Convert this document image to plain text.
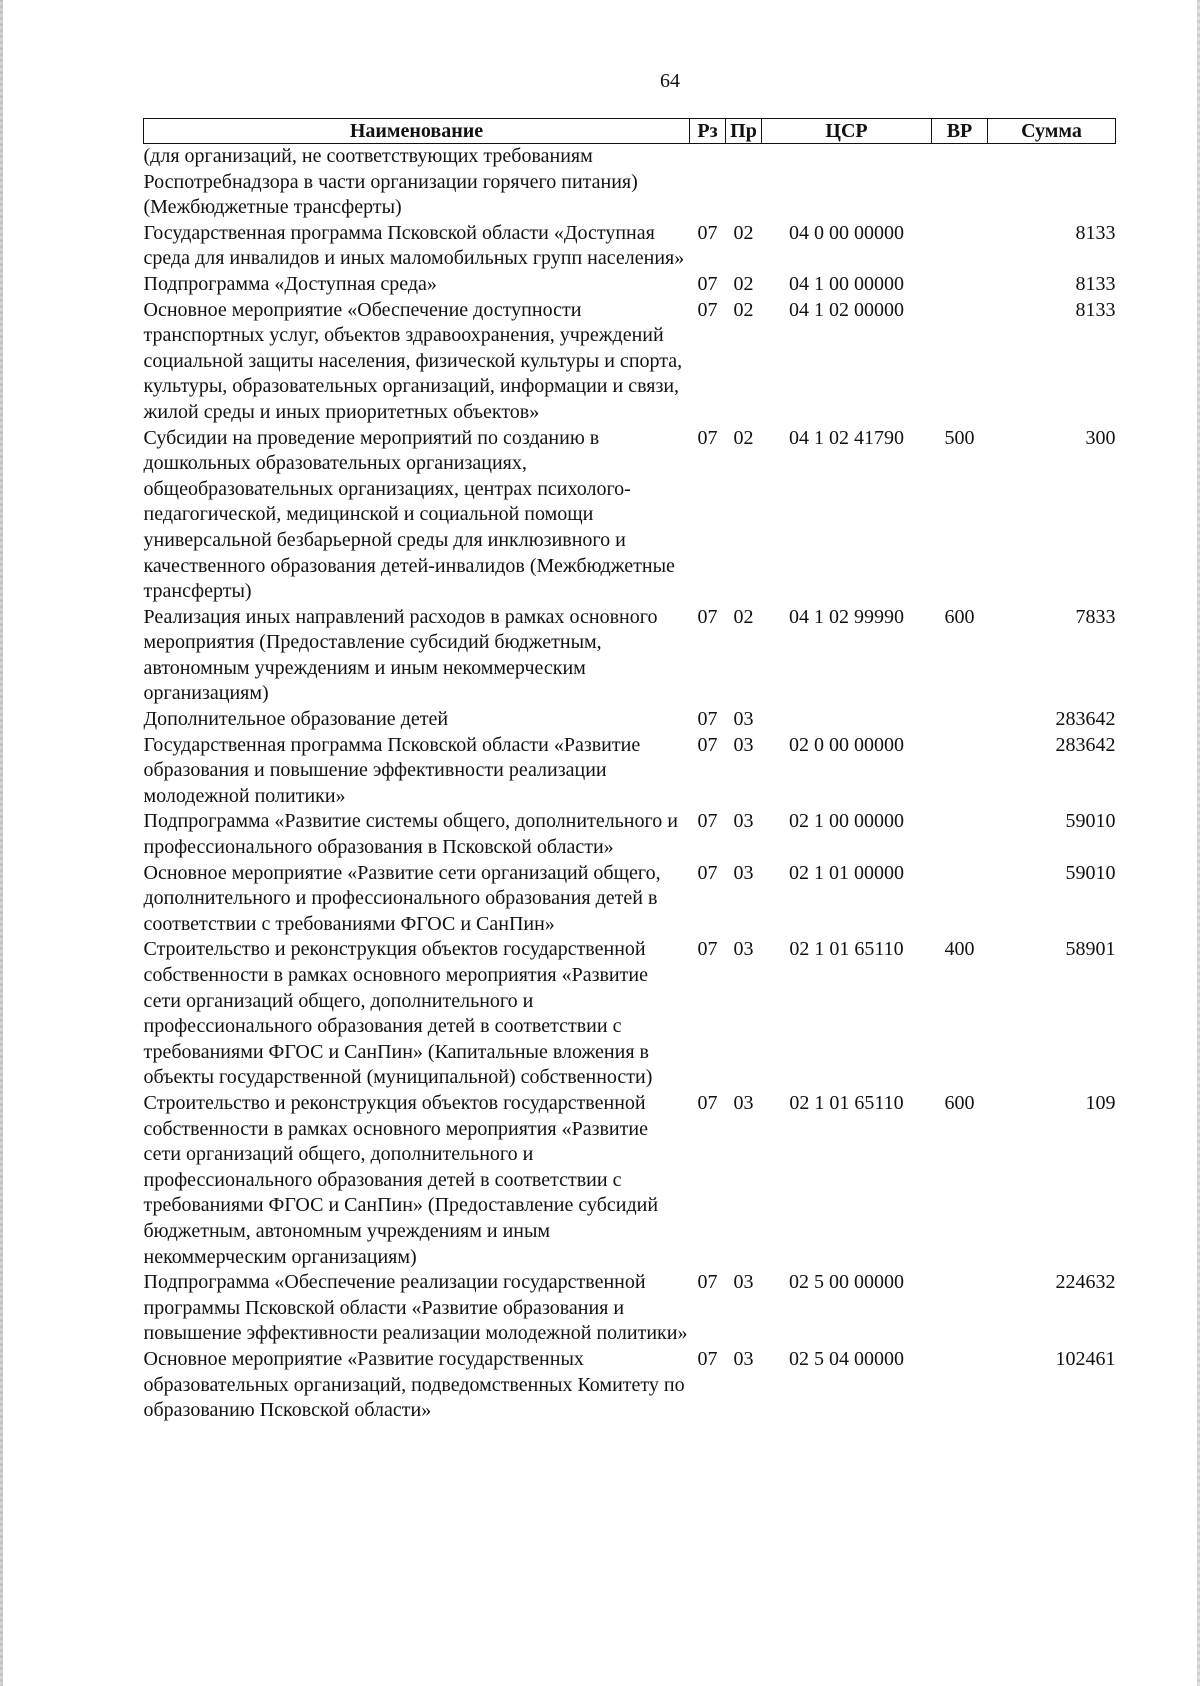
64
Наименование	Рз	Пр	ЦСР	ВР	Сумма
(для организаций, не соответствующих требованиям Роспотребнадзора в части организации горячего питания) (Межбюджетные трансферты)					
Государственная программа Псковской области «Доступная среда для инвалидов и иных маломобильных групп населения»	07	02	04 0 00 00000		8133
Подпрограмма «Доступная среда»	07	02	04 1 00 00000		8133
Основное мероприятие «Обеспечение доступности транспортных услуг, объектов здравоохранения, учреждений социальной защиты населения, физической культуры и спорта, культуры, образовательных организаций, информации и связи, жилой среды и иных приоритетных объектов»	07	02	04 1 02 00000		8133
Субсидии на проведение мероприятий по созданию в дошкольных образовательных организациях, общеобразовательных организациях, центрах психолого-педагогической, медицинской и социальной помощи универсальной безбарьерной среды для инклюзивного и качественного образования детей-инвалидов (Межбюджетные трансферты)	07	02	04 1 02 41790	500	300
Реализация иных направлений расходов в рамках основного мероприятия (Предоставление субсидий бюджетным, автономным учреждениям и иным некоммерческим организациям)	07	02	04 1 02 99990	600	7833
Дополнительное образование детей	07	03			283642
Государственная программа Псковской области «Развитие образования и повышение эффективности реализации молодежной политики»	07	03	02 0 00 00000		283642
Подпрограмма «Развитие системы общего, дополнительного и профессионального образования в Псковской области»	07	03	02 1 00 00000		59010
Основное мероприятие «Развитие сети организаций общего, дополнительного и профессионального образования детей в соответствии с требованиями ФГОС и СанПин»	07	03	02 1 01 00000		59010
Строительство и реконструкция объектов государственной собственности в рамках основного мероприятия «Развитие сети организаций общего, дополнительного и профессионального образования детей в соответствии с требованиями ФГОС и СанПин» (Капитальные вложения в объекты государственной (муниципальной) собственности)	07	03	02 1 01 65110	400	58901
Строительство и реконструкция объектов государственной собственности в рамках основного мероприятия «Развитие сети организаций общего, дополнительного и профессионального образования детей в соответствии с требованиями ФГОС и СанПин» (Предоставление субсидий бюджетным, автономным учреждениям и иным некоммерческим организациям)	07	03	02 1 01 65110	600	109
Подпрограмма «Обеспечение реализации государственной программы Псковской области «Развитие образования и повышение эффективности реализации молодежной политики»	07	03	02 5 00 00000		224632
Основное мероприятие «Развитие государственных образовательных организаций, подведомственных Комитету по образованию Псковской области»	07	03	02 5 04 00000		102461
